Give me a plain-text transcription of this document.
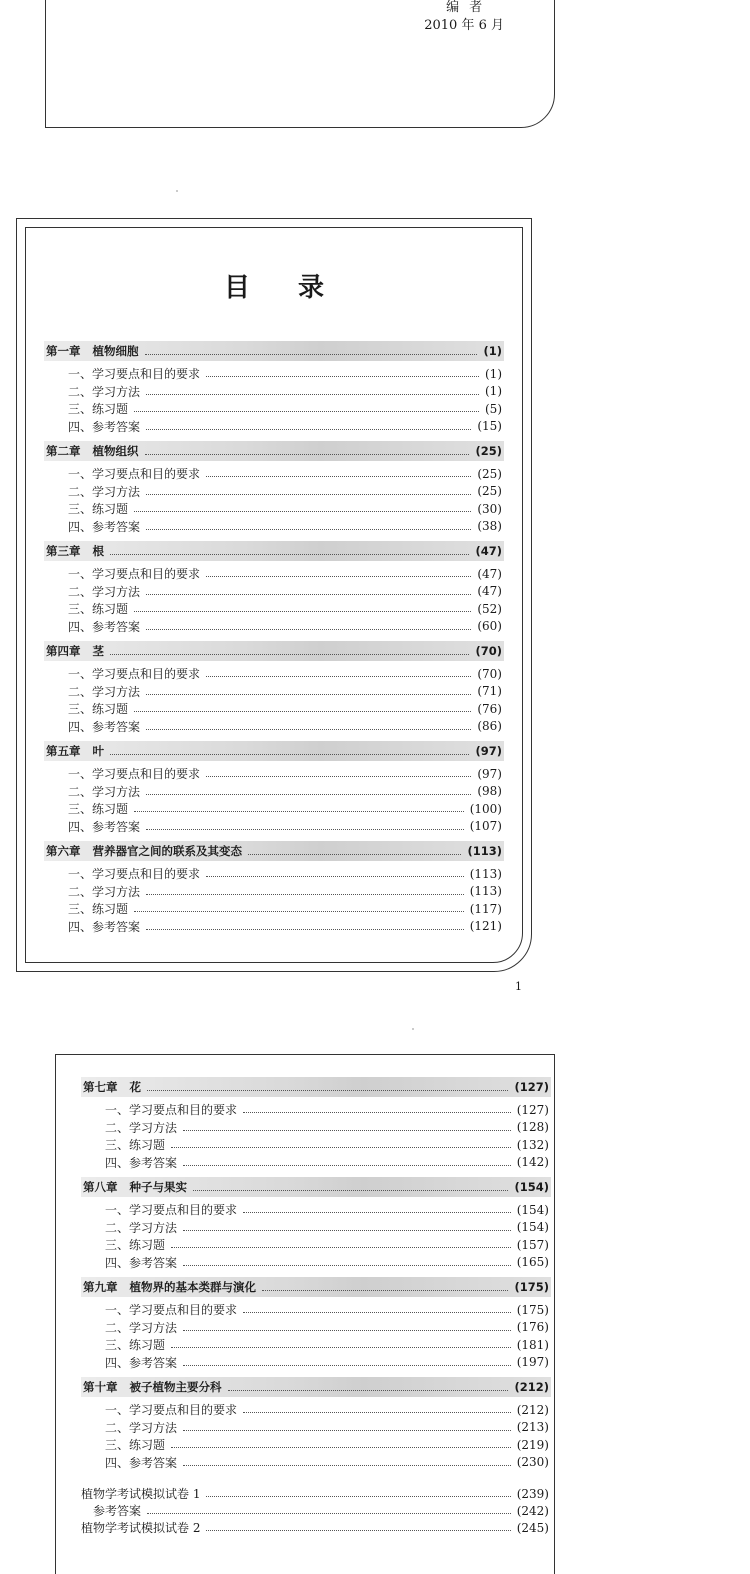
编者
2010 年 6 月
目录
第一章 植物细胞	(1)
一、学习要点和目的要求	(1)
二、学习方法	(1)
三、练习题	(5)
四、参考答案	(15)
第二章 植物组织	(25)
一、学习要点和目的要求	(25)
二、学习方法	(25)
三、练习题	(30)
四、参考答案	(38)
第三章 根	(47)
一、学习要点和目的要求	(47)
二、学习方法	(47)
三、练习题	(52)
四、参考答案	(60)
第四章 茎	(70)
一、学习要点和目的要求	(70)
二、学习方法	(71)
三、练习题	(76)
四、参考答案	(86)
第五章 叶	(97)
一、学习要点和目的要求	(97)
二、学习方法	(98)
三、练习题	(100)
四、参考答案	(107)
第六章 营养器官之间的联系及其变态	(113)
一、学习要点和目的要求	(113)
二、学习方法	(113)
三、练习题	(117)
四、参考答案	(121)
1
第七章 花	(127)
一、学习要点和目的要求	(127)
二、学习方法	(128)
三、练习题	(132)
四、参考答案	(142)
第八章 种子与果实	(154)
一、学习要点和目的要求	(154)
二、学习方法	(154)
三、练习题	(157)
四、参考答案	(165)
第九章 植物界的基本类群与演化	(175)
一、学习要点和目的要求	(175)
二、学习方法	(176)
三、练习题	(181)
四、参考答案	(197)
第十章 被子植物主要分科	(212)
一、学习要点和目的要求	(212)
二、学习方法	(213)
三、练习题	(219)
四、参考答案	(230)
植物学考试模拟试卷 1	(239)
参考答案	(242)
植物学考试模拟试卷 2	(245)
